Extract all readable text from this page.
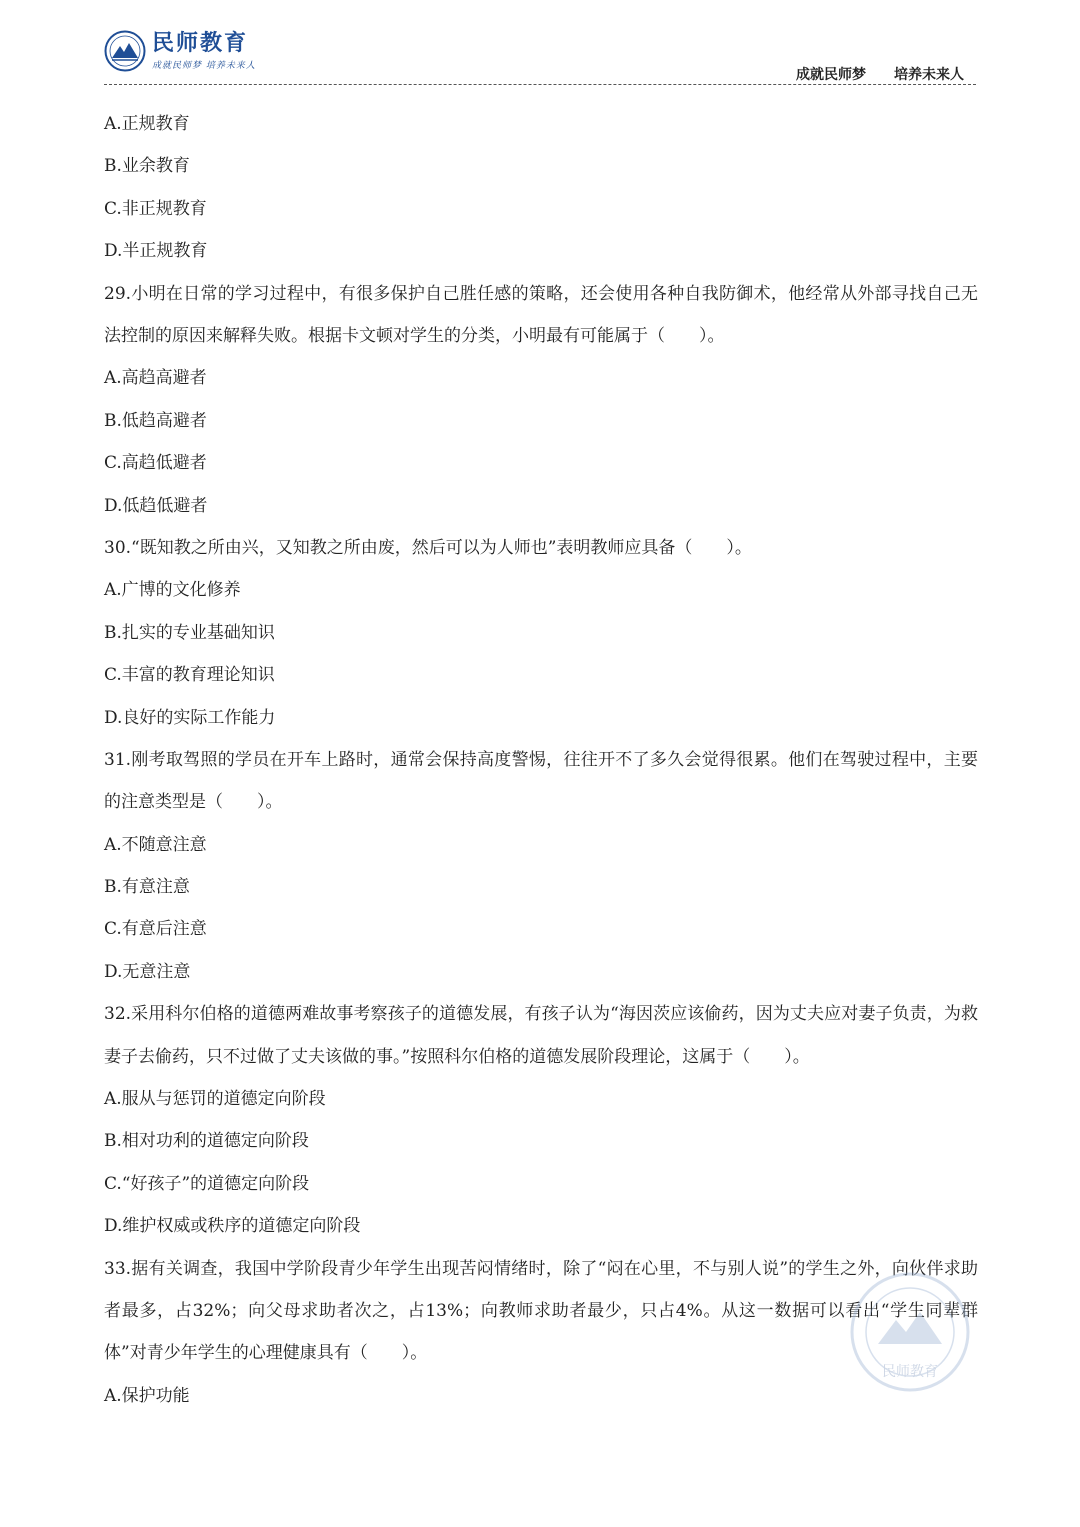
民师教育
成就民师梦 培养未来人
成就民师梦 培养未来人
A.正规教育
B.业余教育
C.非正规教育
D.半正规教育
29.小明在日常的学习过程中，有很多保护自己胜任感的策略，还会使用各种自我防御术，他经常从外部寻找自己无法控制的原因来解释失败。根据卡文顿对学生的分类，小明最有可能属于（　　）。
A.高趋高避者
B.低趋高避者
C.高趋低避者
D.低趋低避者
30.“既知教之所由兴，又知教之所由废，然后可以为人师也”表明教师应具备（　　）。
A.广博的文化修养
B.扎实的专业基础知识
C.丰富的教育理论知识
D.良好的实际工作能力
31.刚考取驾照的学员在开车上路时，通常会保持高度警惕，往往开不了多久会觉得很累。他们在驾驶过程中，主要的注意类型是（　　）。
A.不随意注意
B.有意注意
C.有意后注意
D.无意注意
32.采用科尔伯格的道德两难故事考察孩子的道德发展，有孩子认为“海因茨应该偷药，因为丈夫应对妻子负责，为救妻子去偷药，只不过做了丈夫该做的事。”按照科尔伯格的道德发展阶段理论，这属于（　　）。
A.服从与惩罚的道德定向阶段
B.相对功利的道德定向阶段
C.“好孩子”的道德定向阶段
D.维护权威或秩序的道德定向阶段
33.据有关调查，我国中学阶段青少年学生出现苦闷情绪时，除了“闷在心里，不与别人说”的学生之外，向伙伴求助者最多，占32%；向父母求助者次之，占13%；向教师求助者最少，只占4%。从这一数据可以看出“学生同辈群体”对青少年学生的心理健康具有（　　）。
A.保护功能
民师教育
